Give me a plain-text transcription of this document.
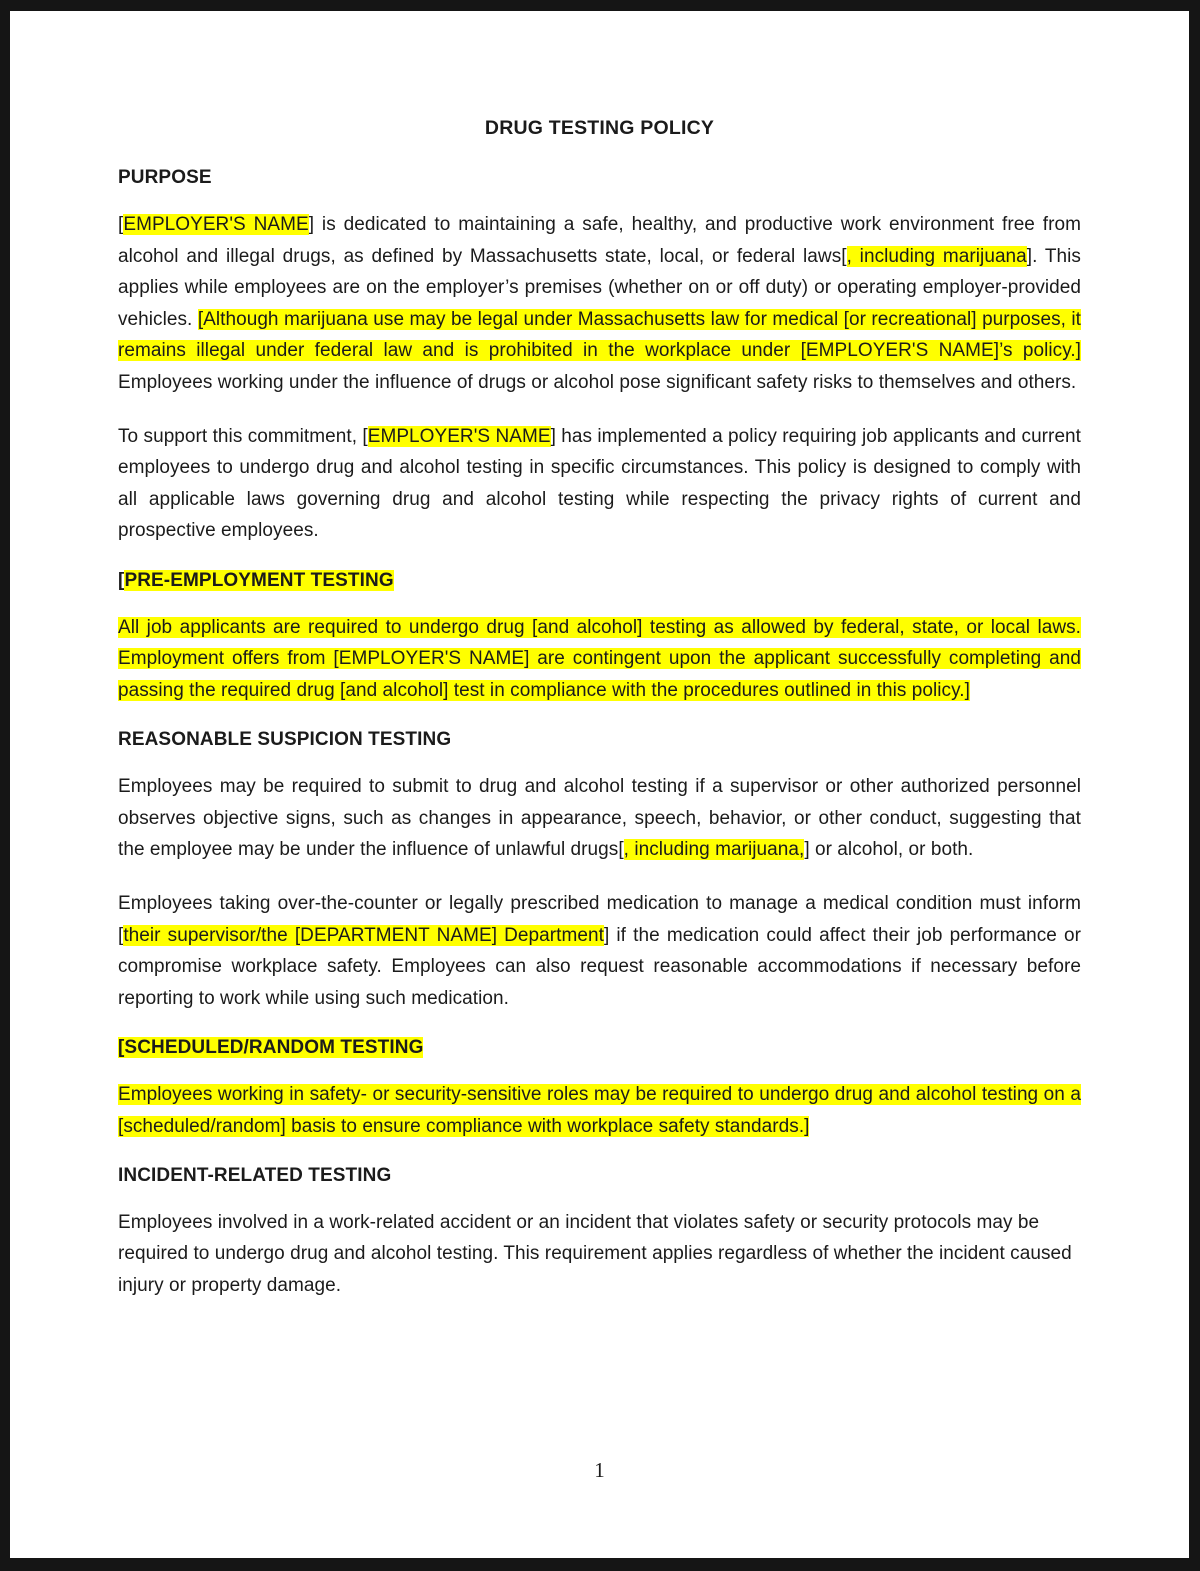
DRUG TESTING POLICY
PURPOSE

[EMPLOYER'S NAME] is dedicated to maintaining a safe, healthy, and productive work environment free from alcohol and illegal drugs, as defined by Massachusetts state, local, or federal laws[, including marijuana]. This applies while employees are on the employer’s premises (whether on or off duty) or operating employer-provided vehicles. [Although marijuana use may be legal under Massachusetts law for medical [or recreational] purposes, it remains illegal under federal law and is prohibited in the workplace under [EMPLOYER'S NAME]’s policy.] Employees working under the influence of drugs or alcohol pose significant safety risks to themselves and others.

To support this commitment, [EMPLOYER'S NAME] has implemented a policy requiring job applicants and current employees to undergo drug and alcohol testing in specific circumstances. This policy is designed to comply with all applicable laws governing drug and alcohol testing while respecting the privacy rights of current and prospective employees.

[PRE-EMPLOYMENT TESTING

All job applicants are required to undergo drug [and alcohol] testing as allowed by federal, state, or local laws. Employment offers from [EMPLOYER'S NAME] are contingent upon the applicant successfully completing and passing the required drug [and alcohol] test in compliance with the procedures outlined in this policy.]

REASONABLE SUSPICION TESTING

Employees may be required to submit to drug and alcohol testing if a supervisor or other authorized personnel observes objective signs, such as changes in appearance, speech, behavior, or other conduct, suggesting that the employee may be under the influence of unlawful drugs[, including marijuana,] or alcohol, or both.

Employees taking over-the-counter or legally prescribed medication to manage a medical condition must inform [their supervisor/the [DEPARTMENT NAME] Department] if the medication could affect their job performance or compromise workplace safety. Employees can also request reasonable accommodations if necessary before reporting to work while using such medication.

[SCHEDULED/RANDOM TESTING

Employees working in safety- or security-sensitive roles may be required to undergo drug and alcohol testing on a [scheduled/random] basis to ensure compliance with workplace safety standards.]

INCIDENT-RELATED TESTING

Employees involved in a work-related accident or an incident that violates safety or security protocols may be required to undergo drug and alcohol testing. This requirement applies regardless of whether the incident caused injury or property damage.

1
